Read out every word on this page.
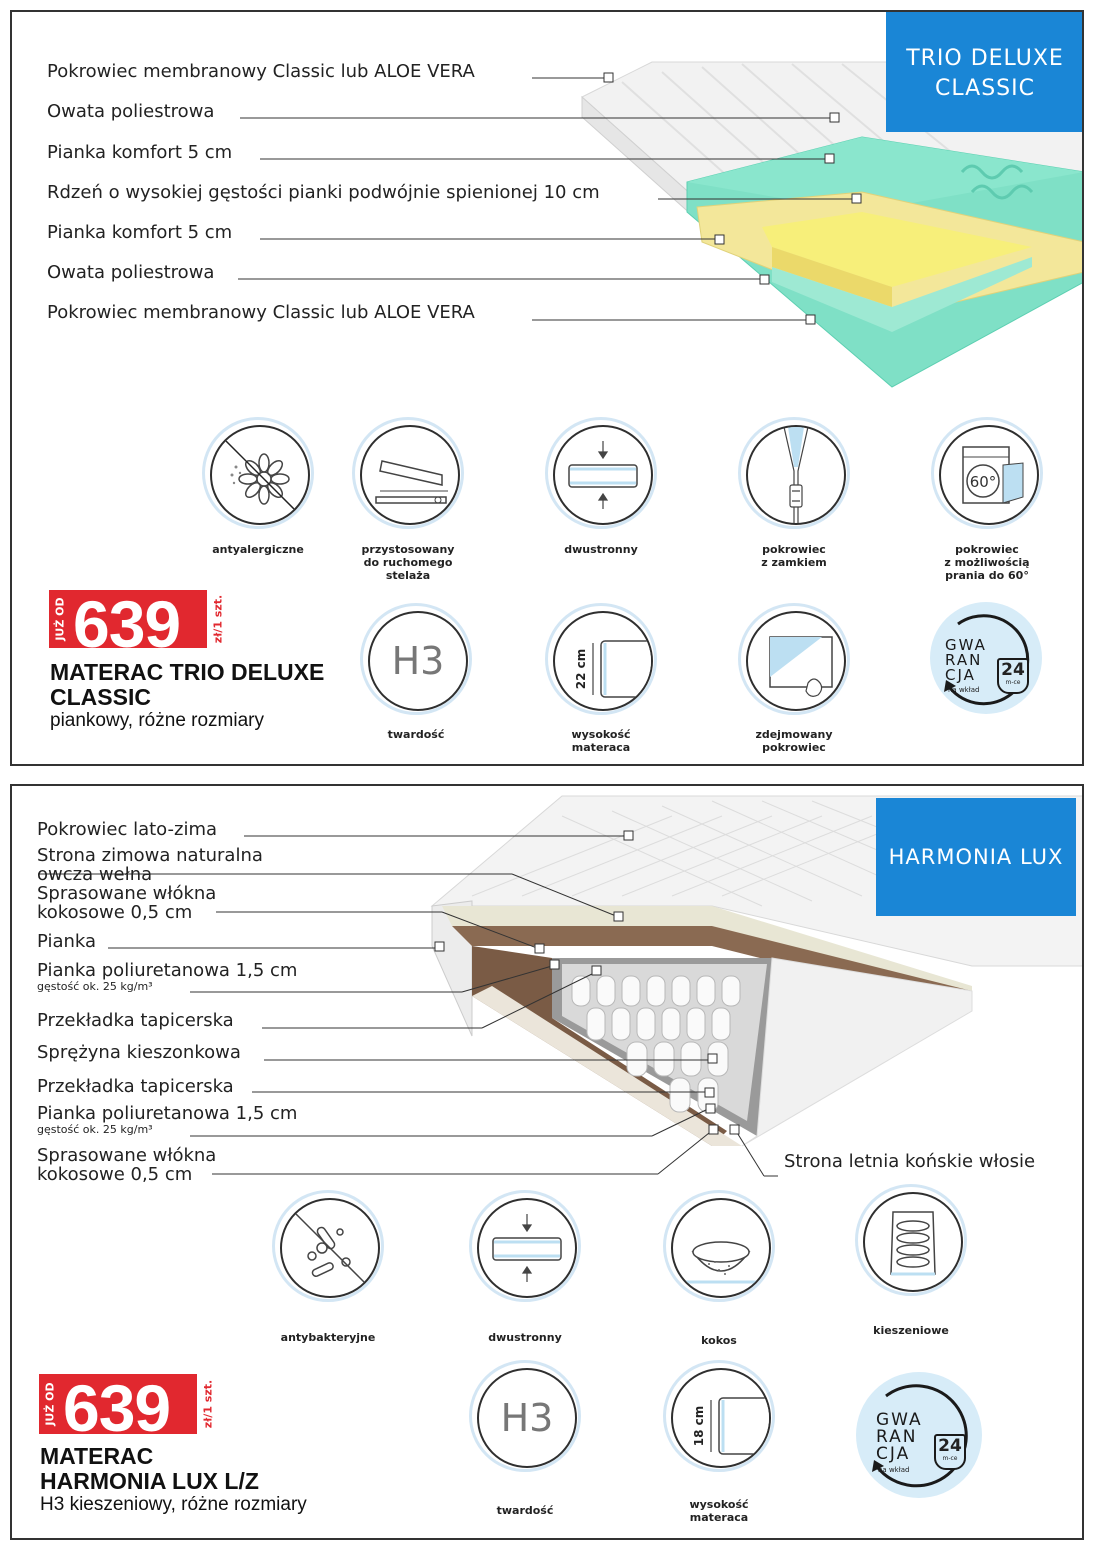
TRIO DELUXE
CLASSIC
Pokrowiec membranowy Classic lub ALOE VERA
Owata poliestrowa
Pianka komfort 5 cm
Rdzeń o wysokiej gęstości pianki podwójnie spienionej 10 cm
Pianka komfort 5 cm
Owata poliestrowa
Pokrowiec membranowy Classic lub ALOE VERA
antyalergiczne	przystosowany
do ruchomego
stelaża
dwustronny	pokrowiec
z zamkiem
60°
pokrowiec
z możliwością
prania do 60°
H3
twardość
22 cm
wysokość
materaca
zdejmowany
pokrowiec
GWA
RAN
CJA
na wkład
24
m-ce
JUŻ OD 639	zł/1 szt.
MATERAC TRIO DELUXE
CLASSIC
piankowy, różne rozmiary
HARMONIA LUX
Pokrowiec lato-zima
Strona zimowa naturalna
owcza wełna
Sprasowane włókna
kokosowe 0,5 cm
Pianka
Pianka poliuretanowa 1,5 cm
gęstość ok. 25 kg/m³
Przekładka tapicerska
Sprężyna kieszonkowa
Przekładka tapicerska
Pianka poliuretanowa 1,5 cm
gęstość ok. 25 kg/m³
Sprasowane włókna
kokosowe 0,5 cm
Strona letnia końskie włosie
antybakteryjne	dwustronny	kokos
kieszeniowe
H3
twardość
18 cm
wysokość
materaca
GWA
RAN
CJA
na wkład
24
m-ce
JUŻ OD 639	zł/1 szt.
MATERAC
HARMONIA LUX L/Z
H3 kieszeniowy, różne rozmiary
